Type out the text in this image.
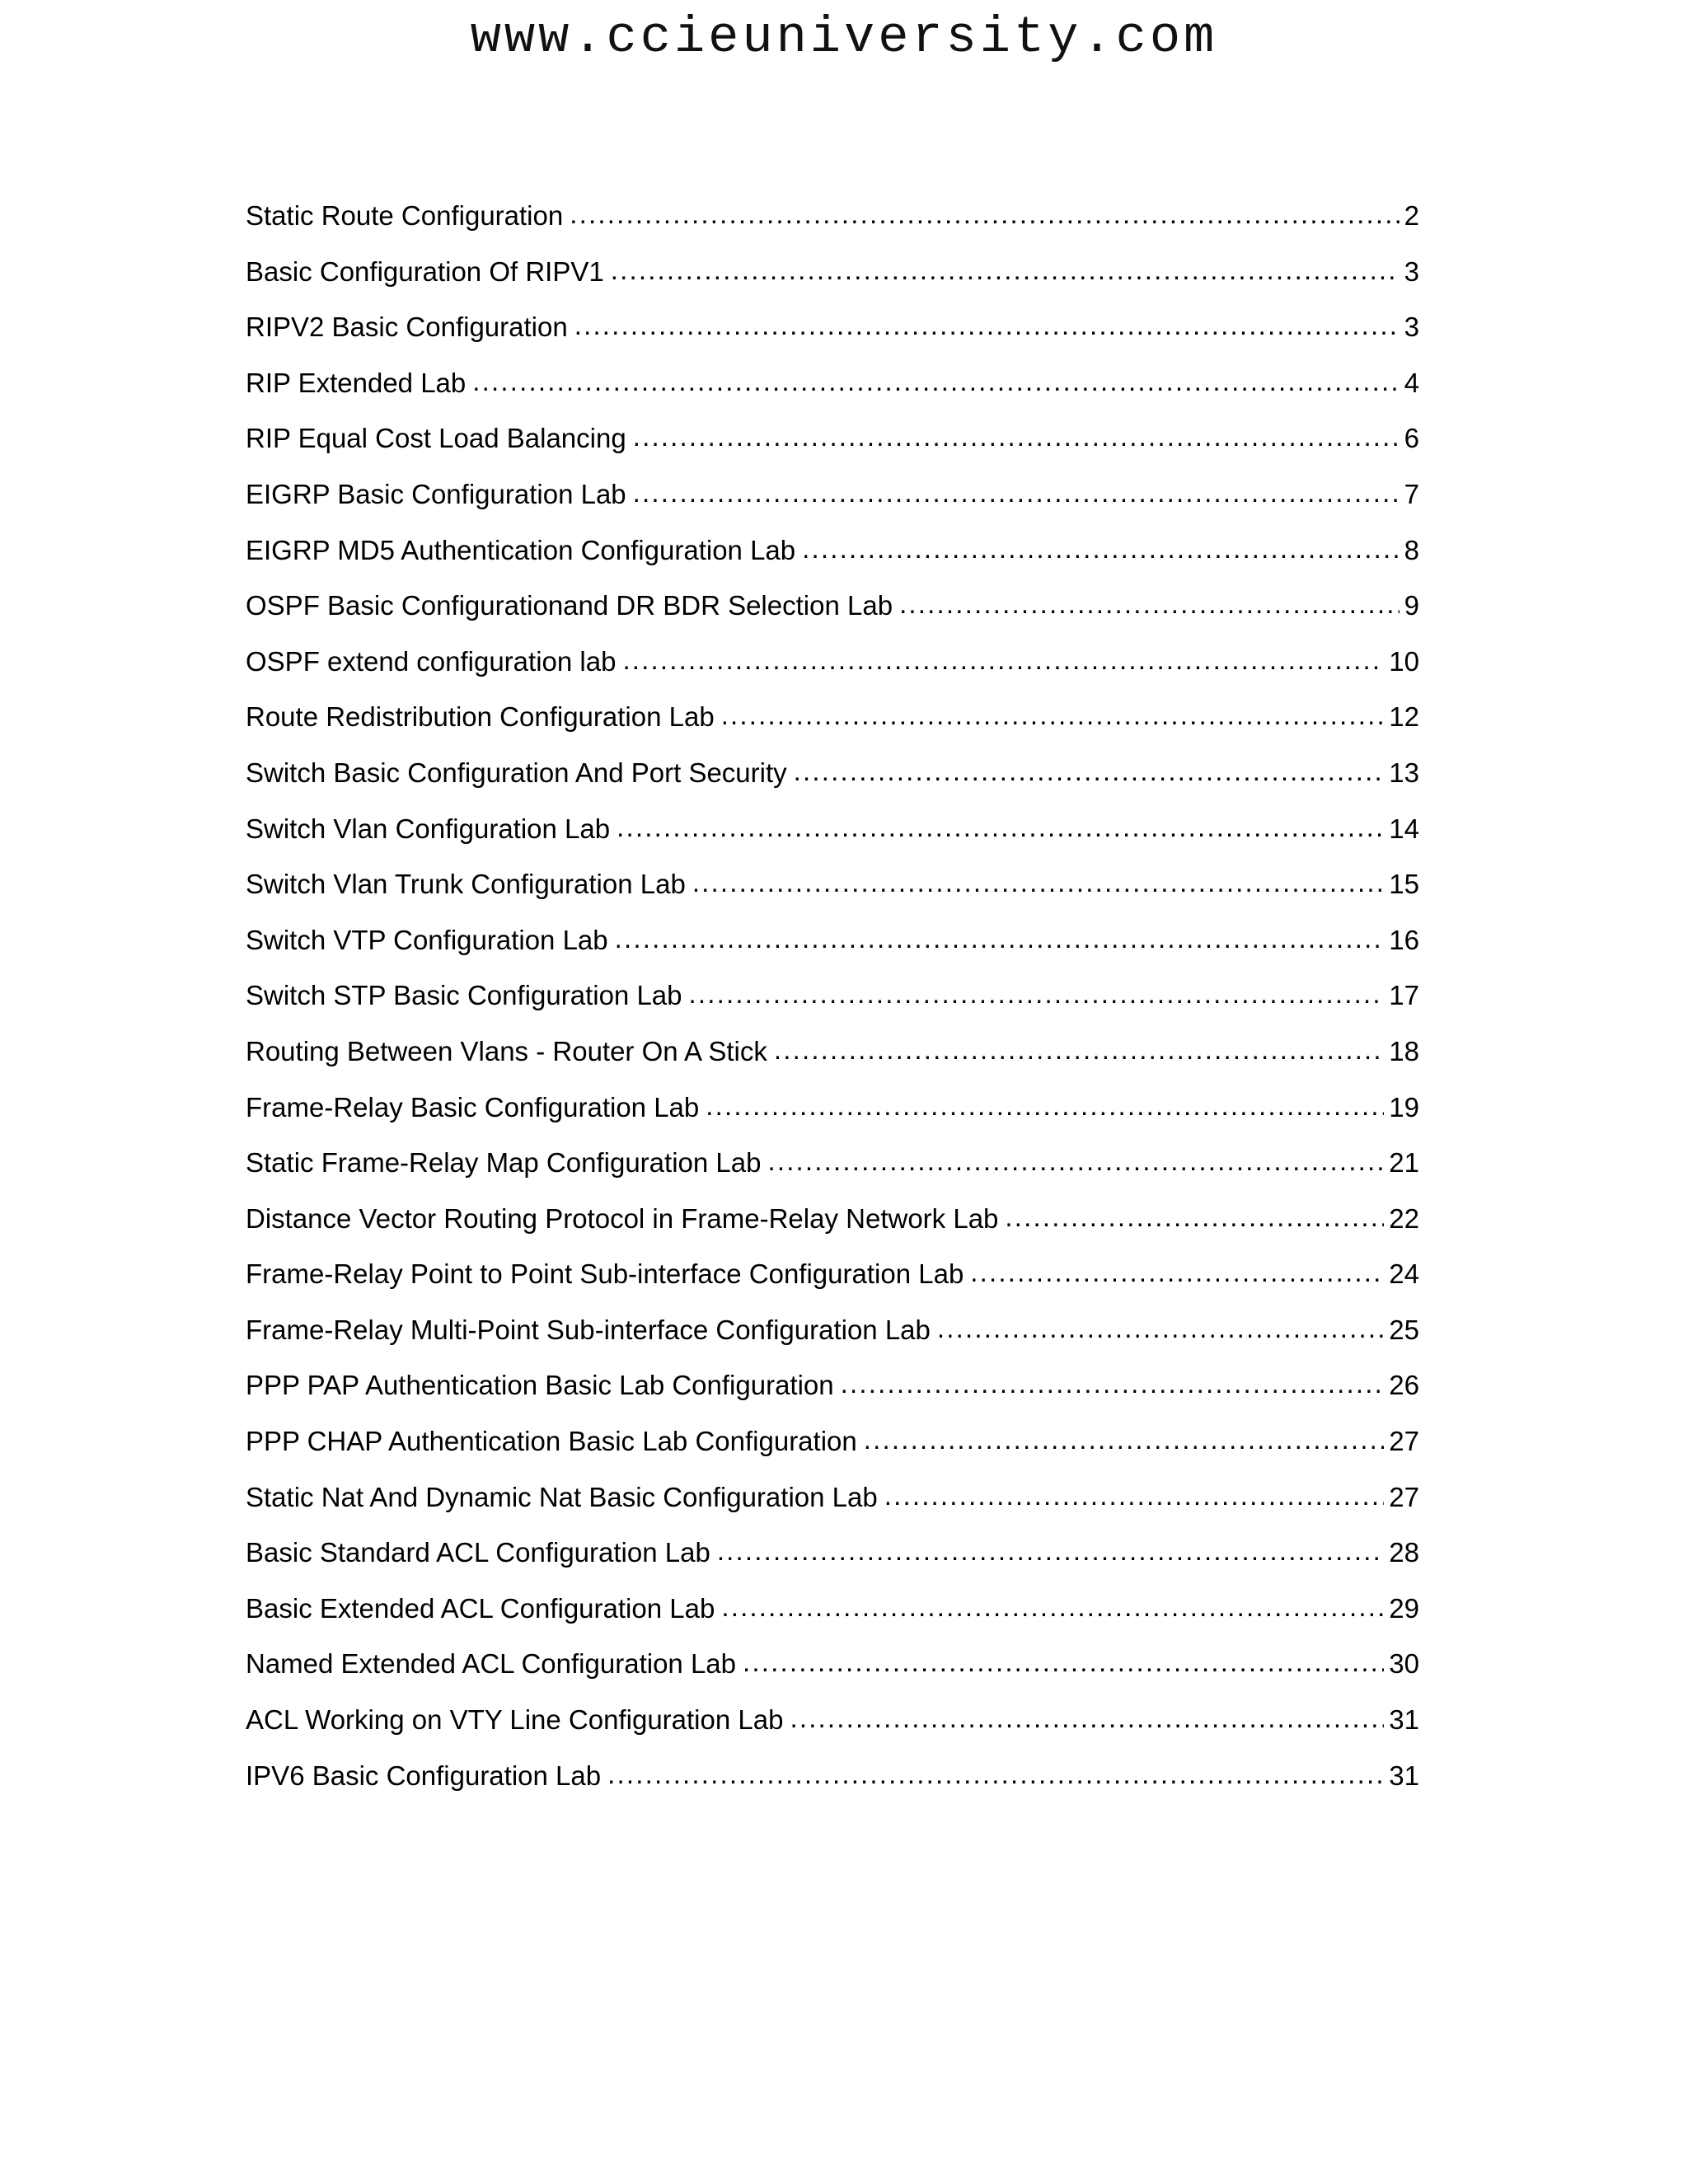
www.ccieuniversity.com
Static Route Configuration .....	2
Basic Configuration Of RIPV1 .....	3
RIPV2 Basic Configuration .....	3
RIP Extended Lab .....	4
RIP Equal Cost Load Balancing .....	6
EIGRP Basic Configuration Lab .....	7
EIGRP MD5 Authentication Configuration Lab .....	8
OSPF Basic Configurationand DR BDR Selection Lab .....	9
OSPF extend configuration lab .....	10
Route Redistribution Configuration Lab .....	12
Switch Basic Configuration And Port Security .....	13
Switch Vlan Configuration Lab .....	14
Switch Vlan Trunk Configuration Lab .....	15
Switch VTP Configuration Lab .....	16
Switch STP Basic Configuration Lab .....	17
Routing Between Vlans - Router On A Stick .....	18
Frame-Relay Basic Configuration Lab .....	19
Static Frame-Relay Map Configuration Lab .....	21
Distance Vector Routing Protocol in Frame-Relay Network Lab .....	22
Frame-Relay Point to Point Sub-interface Configuration Lab .....	24
Frame-Relay Multi-Point Sub-interface Configuration Lab .....	25
PPP PAP Authentication Basic Lab Configuration .....	26
PPP CHAP Authentication Basic Lab Configuration .....	27
Static Nat And Dynamic Nat Basic Configuration Lab .....	27
Basic Standard ACL Configuration Lab .....	28
Basic Extended ACL Configuration Lab .....	29
Named Extended ACL Configuration Lab .....	30
ACL Working on VTY Line Configuration Lab .....	31
IPV6 Basic Configuration Lab .....	31
